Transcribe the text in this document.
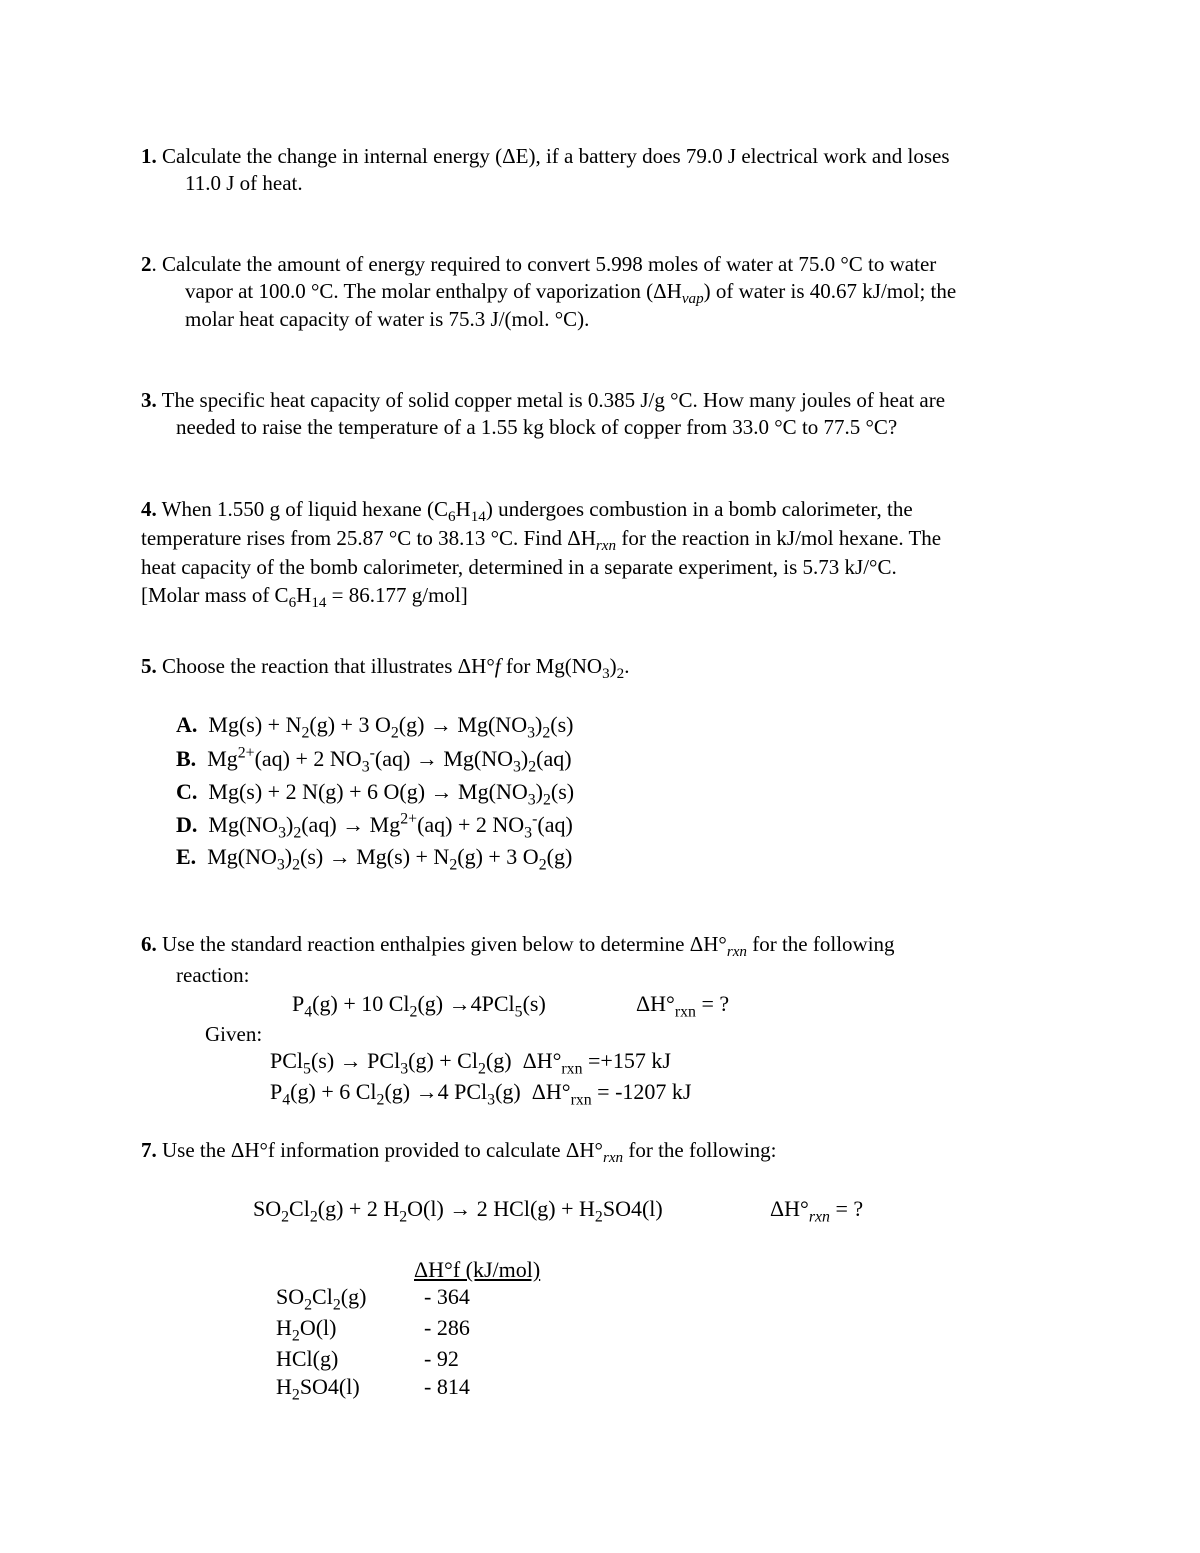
1. Calculate the change in internal energy (ΔE), if a battery does 79.0 J electrical work and loses
11.0 J of heat.
2. Calculate the amount of energy required to convert 5.998 moles of water at 75.0 °C to water
vapor at 100.0 °C. The molar enthalpy of vaporization $(\Delta H_{vap})$ of water is 40.67 kJ/mol; the
molar heat capacity of water is 75.3 J/(mol. °C).
3. The specific heat capacity of solid copper metal is 0.385 J/g °C. How many joules of heat are
needed to raise the temperature of a 1.55 kg block of copper from 33.0 °C to 77.5 °C?
4. When 1.550 g of liquid hexane $(C_6H_{14})$ undergoes combustion in a bomb calorimeter, the
temperature rises from 25.87 °C to 38.13 °C. Find $\Delta H_{rxn}$ for the reaction in kJ/mol hexane. The
heat capacity of the bomb calorimeter, determined in a separate experiment, is 5.73 kJ/°C.
[Molar mass of $C_6H_{14} = 86.177$ g/mol]
5. Choose the reaction that illustrates ΔH°f for $Mg(NO_3)_2$.
A. $Mg(s) + N_2(g) + 3$ $O_2(g) \to Mg(NO_3)_2(s)$
B. $Mg^{2+}(aq) + 2$ $NO_3^-(aq) \to Mg(NO_3)_2(aq)$
C. Mg(s) + 2 N(g) + 6 $O(g) \to Mg(NO_3)_2(s)$
D. $Mg(NO_3)_2(aq) \to Mg^{2+}(aq) + 2$ $NO_3^-(aq)$
E. $Mg(NO_3)_2(s) \to Mg(s) + N_2(g) + 3$ $O_2(g)$
6. Use the standard reaction enthalpies given below to determine $\Delta H^\circ_{rxn}$ for the following
reaction:
$P_4(g) + 10$ $Cl_2(g) \to 4PCl_5(s)$	$\Delta H^\circ_{rxn}$ = ?
Given:
$PCl_5(s) \to PCl_3(g) + Cl_2(g)$ $\Delta H^\circ_{rxn} =+157$ kJ
$P_4(g) + 6$ $Cl_2(g) \to 4$ PCl$_3$(g) $\Delta H^\circ_{rxn} = -1207$ kJ
7. Use the ΔH°f information provided to calculate $\Delta H^\circ_{rxn}$ for the following:
$SO_2Cl_2(g) + 2$ $H_2O(l) \to 2$ $HCl(g) + H_2SO4(l)$	$\Delta H^\circ_{rxn}$ = ?
ΔH°f (kJ/mol)
$SO_2Cl_2(g)$	- 364
$H_2O(l)$	- 286
HCl(g)	- 92
$H_2SO4(l)$	- 814
